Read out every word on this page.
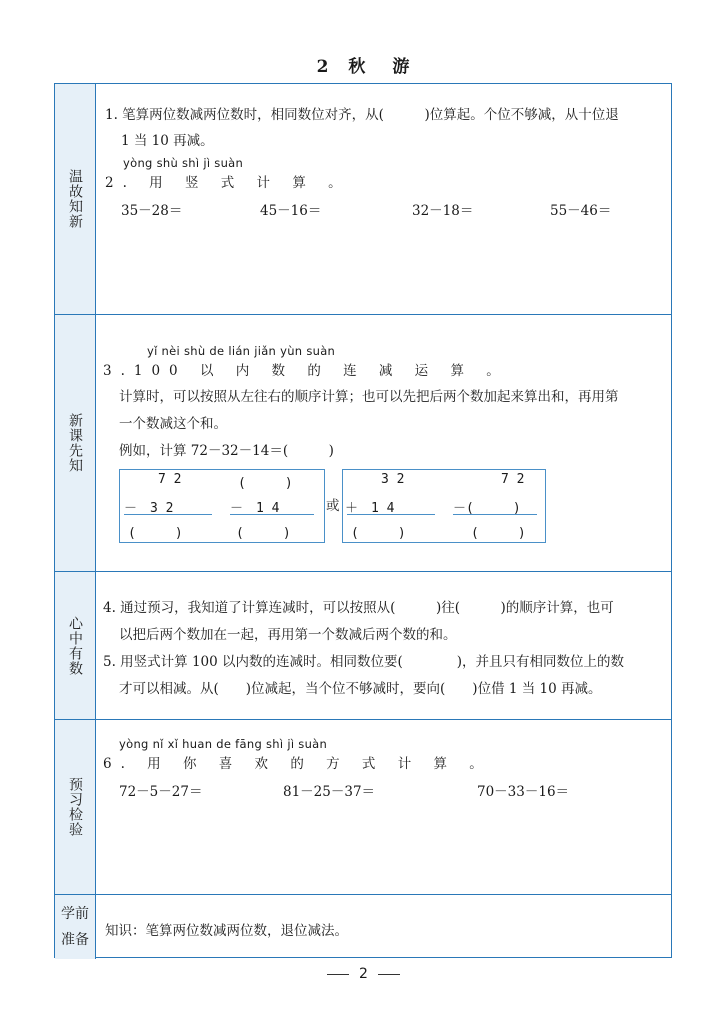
2 秋 游
温故知新
1. 笔算两位数减两位数时，相同数位对齐，从(　　　)位算起。个位不够减，从十位退
1 当 10 再减。
yòng shù shì jì suàn
2. 用 竖 式 计 算 。
35－28＝	45－16＝	32－18＝	55－46＝
新课先知
yǐ nèi shù de lián jiǎn yùn suàn
3.100 以 内 数 的 连 减 运 算 。
计算时，可以按照从左往右的顺序计算；也可以先把后两个数加起来算出和，再用第
一个数减这个和。
例如，计算 72－32－14＝(　　　)
7 2	(　　　)
－　3 2	－　1 4
(　　　)	(　　　)
或
3 2	7 2
＋　1 4	－(　　　)
(　　　)	(　　　)
心中有数
4. 通过预习，我知道了计算连减时，可以按照从(　　　)往(　　　)的顺序计算，也可
以把后两个数加在一起，再用第一个数减后两个数的和。
5. 用竖式计算 100 以内数的连减时。相同数位要(　　　　)，并且只有相同数位上的数
才可以相减。从(　　)位减起，当个位不够减时，要向(　　)位借 1 当 10 再减。
预习检验
yòng nǐ xǐ huan de fāng shì jì suàn
6. 用 你 喜 欢 的 方 式 计 算 。
72－5－27＝	81－25－37＝	70－33－16＝
学前
准备
知识：笔算两位数减两位数，退位减法。
2
